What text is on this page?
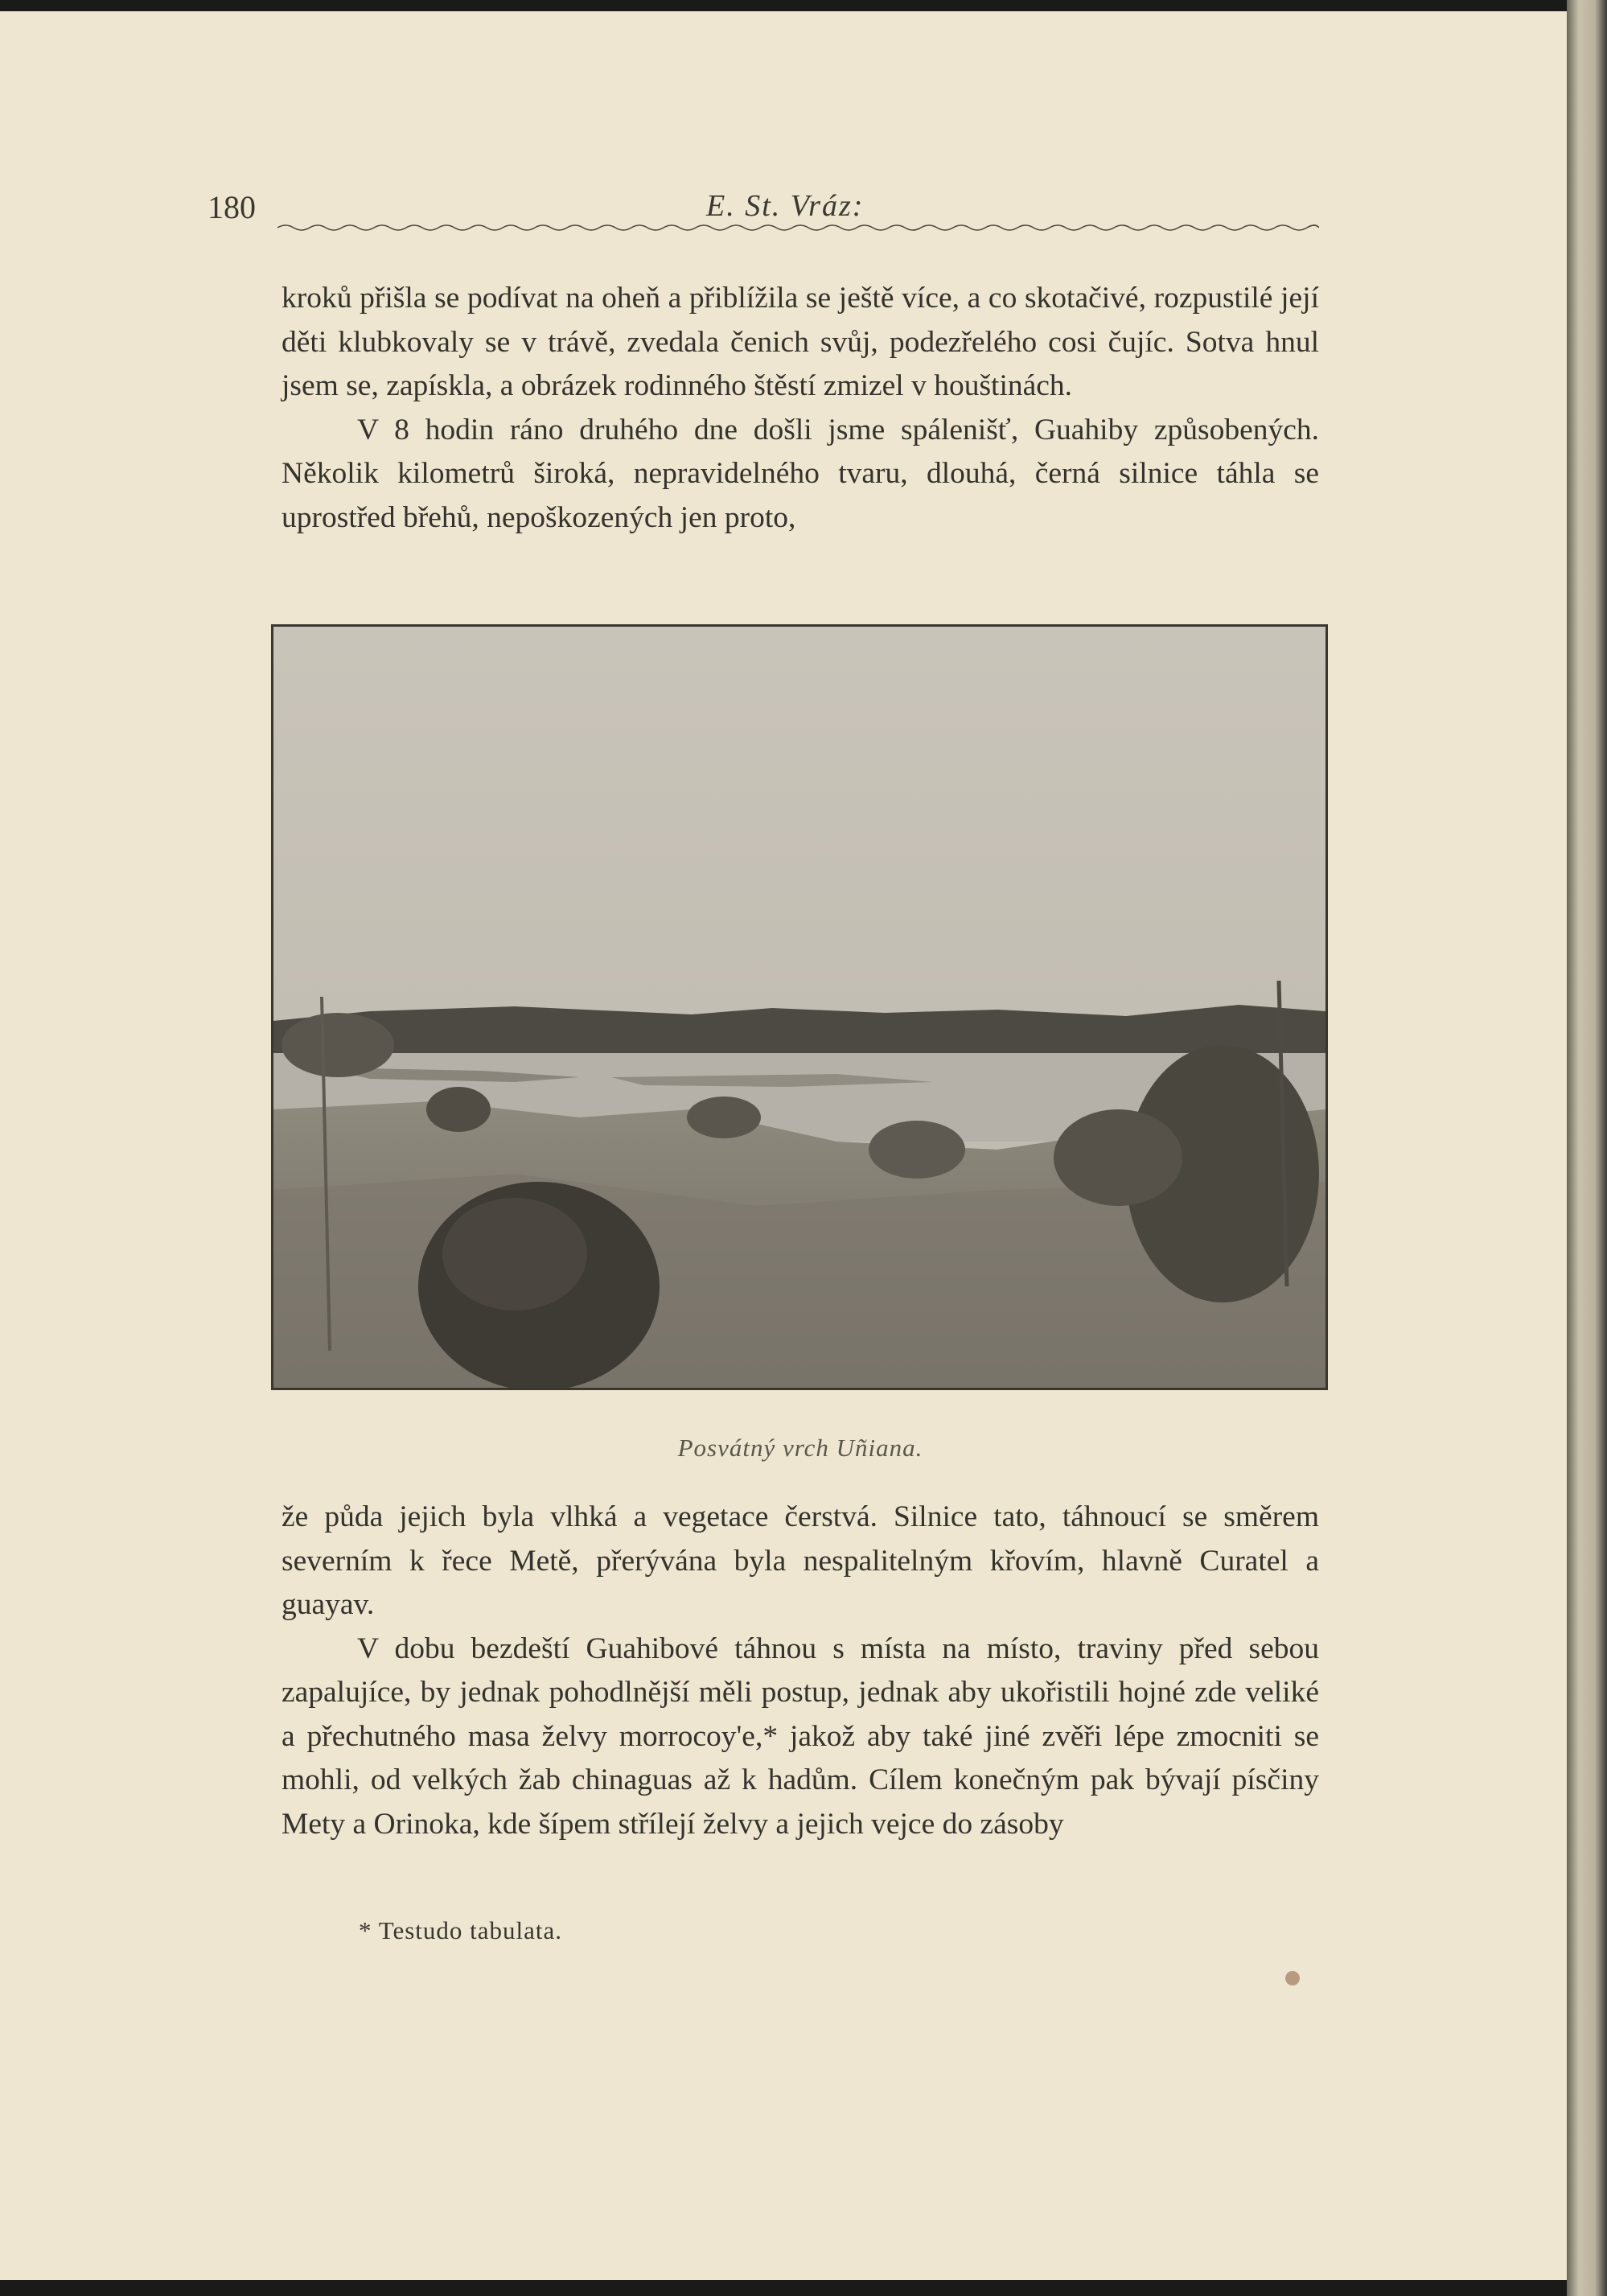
180	E. St. Vráz:

kroků přišla se podívat na oheň a přiblížila se ještě více, a co skotačivé, rozpustilé její děti klubkovaly se v trávě, zvedala čenich svůj, podezřelého cosi čujíc. Sotva hnul jsem se, zapískla, a obrázek rodinného štěstí zmizel v houštinách.

V 8 hodin ráno druhého dne došli jsme spálenišť, Guahiby způsobených. Několik kilometrů široká, nepravidelného tvaru, dlouhá, černá silnice táhla se uprostřed břehů, nepoškozených jen proto,

Posvátný vrch Uñiana.

že půda jejich byla vlhká a vegetace čerstvá. Silnice tato, táhnoucí se směrem severním k řece Metě, přerývána byla nespalitelným křovím, hlavně Curatel a guayav.

V dobu bezdeští Guahibové táhnou s místa na místo, traviny před sebou zapalujíce, by jednak pohodlnější měli postup, jednak aby ukořistili hojné zde veliké a přechutného masa želvy morrocoy'e,* jakož aby také jiné zvěři lépe zmocniti se mohli, od velkých žab chinaguas až k hadům. Cílem konečným pak bývají písčiny Mety a Orinoka, kde šípem střílejí želvy a jejich vejce do zásoby

* Testudo tabulata.
